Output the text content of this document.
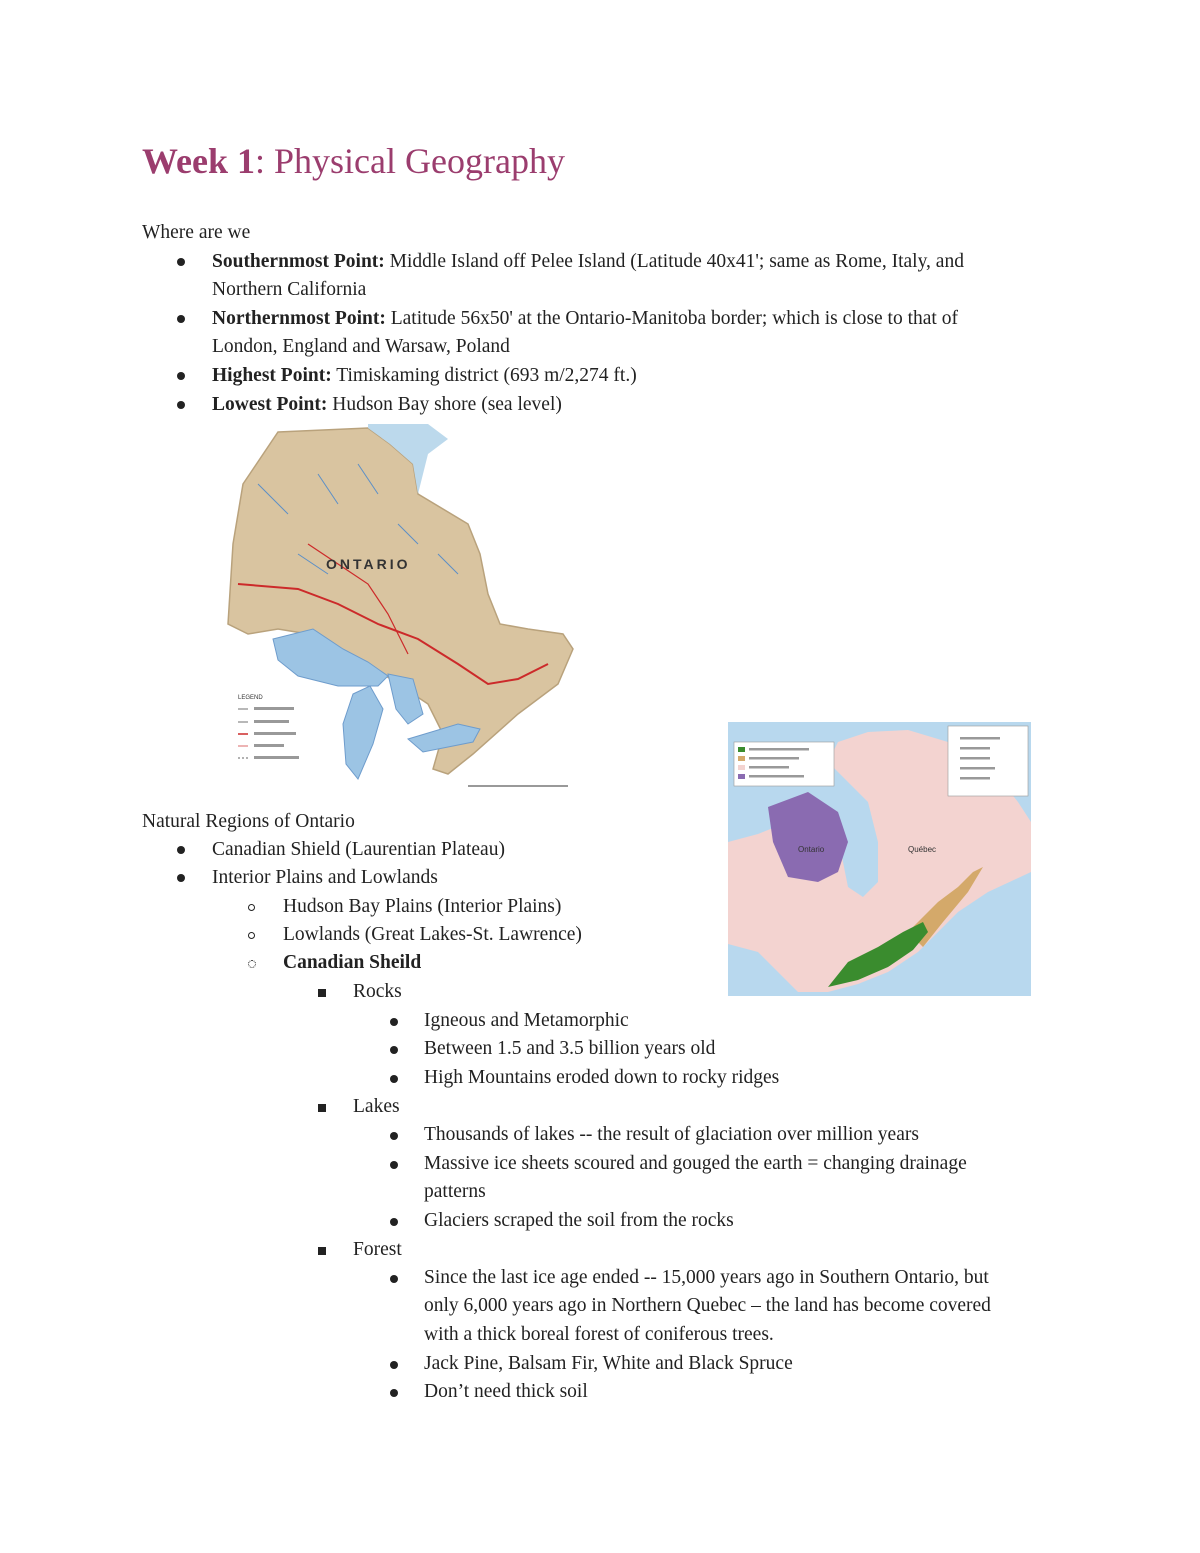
Week 1: Physical Geography
Where are we
Southernmost Point: Middle Island off Pelee Island (Latitude 40x41'; same as Rome, Italy, and
Northern California
Northernmost Point: Latitude 56x50' at the Ontario-Manitoba border; which is close to that of
London, England and Warsaw, Poland
Highest Point: Timiskaming district (693 m/2,274 ft.)
Lowest Point: Hudson Bay shore (sea level)
ONTARIO
LEGEND
Ontario	Québec
Natural Regions of Ontario
Canadian Shield (Laurentian Plateau)
Interior Plains and Lowlands
Hudson Bay Plains (Interior Plains)
Lowlands (Great Lakes-St. Lawrence)
Canadian Sheild
Rocks
Igneous and Metamorphic
Between 1.5 and 3.5 billion years old
High Mountains eroded down to rocky ridges
Lakes
Thousands of lakes -- the result of glaciation over million years
Massive ice sheets scoured and gouged the earth = changing drainage
patterns
Glaciers scraped the soil from the rocks
Forest
Since the last ice age ended -- 15,000 years ago in Southern Ontario, but
only 6,000 years ago in Northern Quebec – the land has become covered
with a thick boreal forest of coniferous trees.
Jack Pine, Balsam Fir, White and Black Spruce
Don’t need thick soil
